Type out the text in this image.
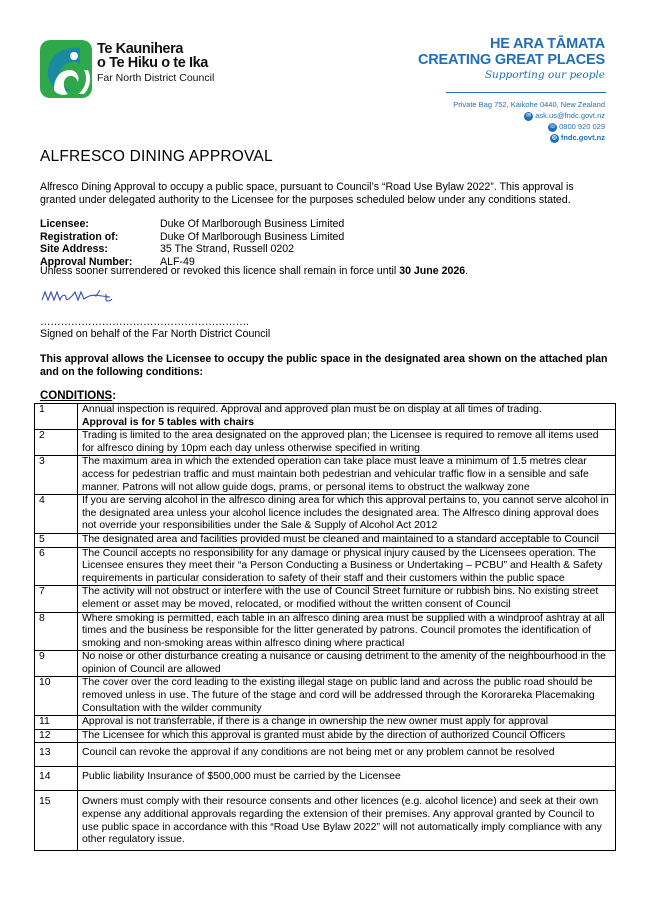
Te Kaunihera
o Te Hiku o te Ika
Far North District Council
HE ARA TĀMATA
CREATING GREAT PLACES
Supporting our people
Private Bag 752, Kaikohe 0440, New Zealand
✉ ask.us@fndc.govt.nz
☏ 0800 920 029
◎ fndc.govt.nz
ALFRESCO DINING APPROVAL
Alfresco Dining Approval to occupy a public space, pursuant to Council’s “Road Use Bylaw 2022”. This approval is granted under delegated authority to the Licensee for the purposes scheduled below under any conditions stated.
Licensee:	Duke Of Marlborough Business Limited
Registration of:	Duke Of Marlborough Business Limited
Site Address:	35 The Strand, Russell 0202
Approval Number:	ALF-49
Unless sooner surrendered or revoked this licence shall remain in force until 30 June 2026.
…………………………………………………….
Signed on behalf of the Far North District Council
This approval allows the Licensee to occupy the public space in the designated area shown on the attached plan and on the following conditions:
CONDITIONS:
1	Annual inspection is required. Approval and approved plan must be on display at all times of trading.
Approval is for 5 tables with chairs
2	Trading is limited to the area designated on the approved plan; the Licensee is required to remove all items used for alfresco dining by 10pm each day unless otherwise specified in writing
3	The maximum area in which the extended operation can take place must leave a minimum of 1.5 metres clear access for pedestrian traffic and must maintain both pedestrian and vehicular traffic flow in a sensible and safe manner. Patrons will not allow guide dogs, prams, or personal items to obstruct the walkway zone
4	If you are serving alcohol in the alfresco dining area for which this approval pertains to, you cannot serve alcohol in the designated area unless your alcohol licence includes the designated area. The Alfresco dining approval does not override your responsibilities under the Sale & Supply of Alcohol Act 2012
5	The designated area and facilities provided must be cleaned and maintained to a standard acceptable to Council
6	The Council accepts no responsibility for any damage or physical injury caused by the Licensees operation. The Licensee ensures they meet their “a Person Conducting a Business or Undertaking – PCBU” and Health & Safety requirements in particular consideration to safety of their staff and their customers within the public space
7	The activity will not obstruct or interfere with the use of Council Street furniture or rubbish bins. No existing street element or asset may be moved, relocated, or modified without the written consent of Council
8	Where smoking is permitted, each table in an alfresco dining area must be supplied with a windproof ashtray at all times and the business be responsible for the litter generated by patrons. Council promotes the identification of smoking and non-smoking areas within alfresco dining where practical
9	No noise or other disturbance creating a nuisance or causing detriment to the amenity of the neighbourhood in the opinion of Council are allowed
10	The cover over the cord leading to the existing illegal stage on public land and across the public road should be removed unless in use. The future of the stage and cord will be addressed through the Kororareka Placemaking Consultation with the wilder community
11	Approval is not transferrable, if there is a change in ownership the new owner must apply for approval
12	The Licensee for which this approval is granted must abide by the direction of authorized Council Officers
13	Council can revoke the approval if any conditions are not being met or any problem cannot be resolved
14	Public liability Insurance of $500,000 must be carried by the Licensee
15	Owners must comply with their resource consents and other licences (e.g. alcohol licence) and seek at their own expense any additional approvals regarding the extension of their premises. Any approval granted by Council to use public space in accordance with this “Road Use Bylaw 2022” will not automatically imply compliance with any other regulatory issue.
